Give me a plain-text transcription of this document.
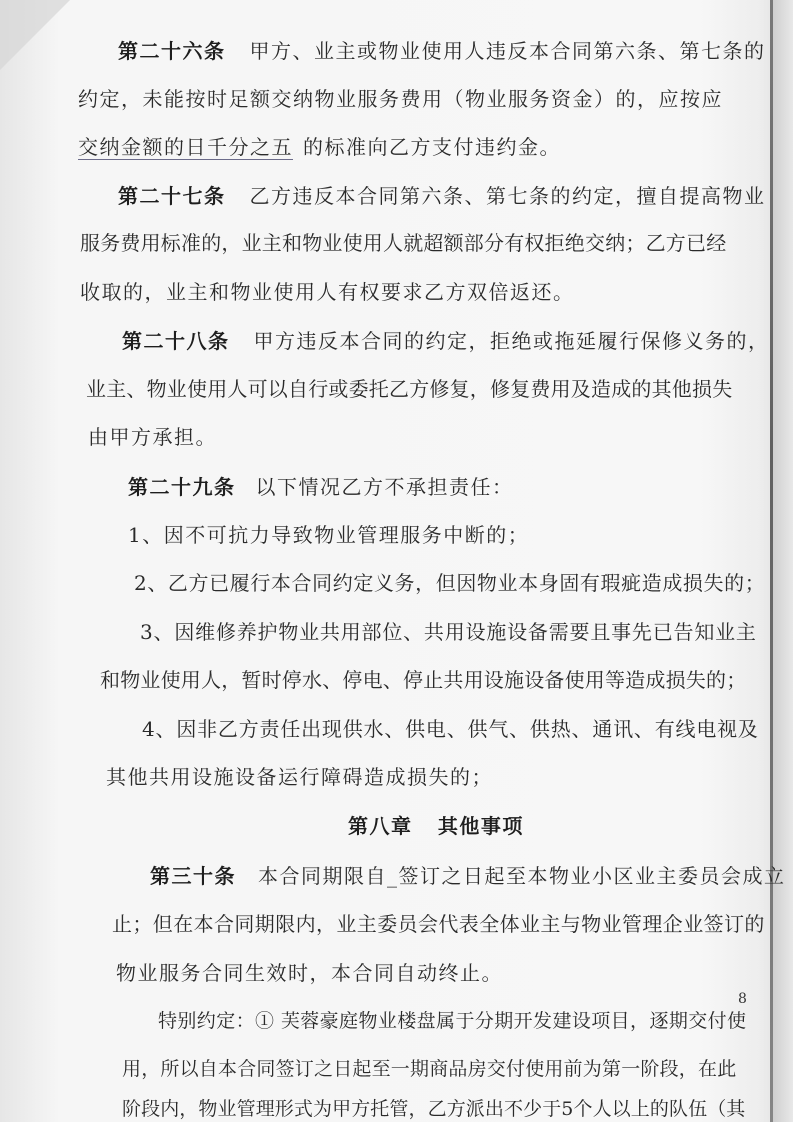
第二十六条 甲方、业主或物业使用人违反本合同第六条、第七条的
约定，未能按时足额交纳物业服务费用（物业服务资金）的，应按应
交纳金额的日千分之五 的标准向乙方支付违约金。
第二十七条 乙方违反本合同第六条、第七条的约定，擅自提高物业
服务费用标准的，业主和物业使用人就超额部分有权拒绝交纳；乙方已经
收取的，业主和物业使用人有权要求乙方双倍返还。
第二十八条 甲方违反本合同的约定，拒绝或拖延履行保修义务的，
业主、物业使用人可以自行或委托乙方修复，修复费用及造成的其他损失
由甲方承担。
第二十九条 以下情况乙方不承担责任：
1、因不可抗力导致物业管理服务中断的；
2、乙方已履行本合同约定义务，但因物业本身固有瑕疵造成损失的；
3、因维修养护物业共用部位、共用设施设备需要且事先已告知业主
和物业使用人，暂时停水、停电、停止共用设施设备使用等造成损失的；
4、因非乙方责任出现供水、供电、供气、供热、通讯、有线电视及
其他共用设施设备运行障碍造成损失的；
第八章   其他事项
第三十条 本合同期限自_签订之日起至本物业小区业主委员会成立
止；但在本合同期限内，业主委员会代表全体业主与物业管理企业签订的
物业服务合同生效时，本合同自动终止。
特别约定：① 芙蓉豪庭物业楼盘属于分期开发建设项目，逐期交付使
用，所以自本合同签订之日起至一期商品房交付使用前为第一阶段，在此
阶段内，物业管理形式为甲方托管，乙方派出不少于5个人以上的队伍（其
8
